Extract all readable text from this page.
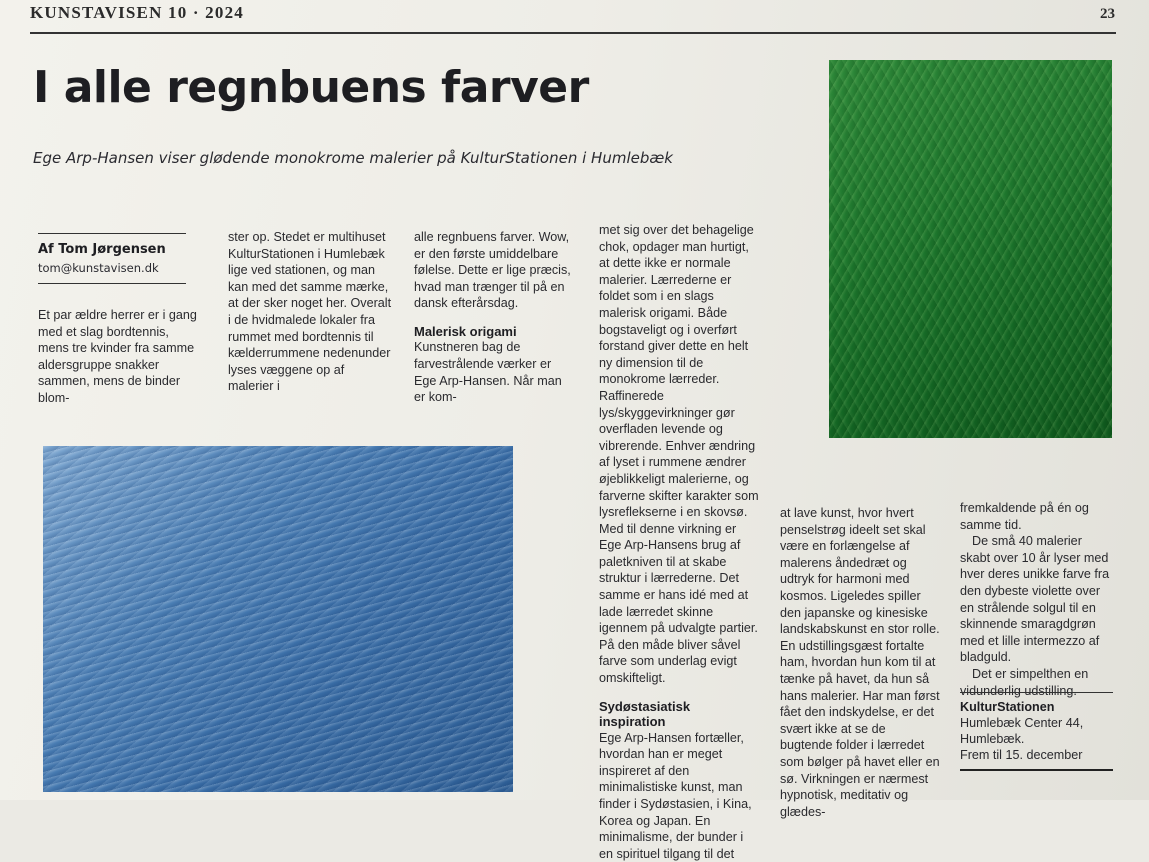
KUNSTAVISEN 10 · 2024	23
I alle regnbuens farver
Ege Arp-Hansen viser glødende monokrome malerier på KulturStationen i Humlebæk
Af Tom Jørgensen
tom@kunstavisen.dk

Et par ældre herrer er i gang med et slag bordtennis, mens tre kvinder fra samme aldersgruppe snakker sammen, mens de binder blom-

ster op. Stedet er multihuset KulturStationen i Humlebæk lige ved stationen, og man kan med det samme mærke, at der sker noget her. Overalt i de hvidmalede lokaler fra rummet med bordtennis til kælderrummene nedenunder lyses væggene op af malerier i

alle regnbuens farver. Wow, er den første umiddelbare følelse. Dette er lige præcis, hvad man trænger til på en dansk efterårsdag.

Malerisk origami

Kunstneren bag de farvestrålende værker er Ege Arp-Hansen. Når man er kom-

met sig over det behagelige chok, opdager man hurtigt, at dette ikke er normale malerier. Lærrederne er foldet som i en slags malerisk origami. Både bogstaveligt og i overført forstand giver dette en helt ny dimension til de monokrome lærreder. Raffinerede lys/skyggevirkninger gør overfladen levende og vibrerende. Enhver ændring af lyset i rummene ændrer øjeblikkeligt malerierne, og farverne skifter karakter som lysreflekserne i en skovsø. Med til denne virkning er Ege Arp-Hansens brug af paletkniven til at skabe struktur i lærrederne. Det samme er hans idé med at lade lærredet skinne igennem på udvalgte partier. På den måde bliver såvel farve som underlag evigt omskifteligt.

Sydøstasiatisk inspiration

Ege Arp-Hansen fortæller, hvordan han er meget inspireret af den minimalistiske kunst, man finder i Sydøstasien, i Kina, Korea og Japan. En minimalisme, der bunder i en spirituel tilgang til det

at lave kunst, hvor hvert penselstrøg ideelt set skal være en forlængelse af malerens åndedræt og udtryk for harmoni med kosmos. Ligeledes spiller den japanske og kinesiske landskabskunst en stor rolle. En udstillingsgæst fortalte ham, hvordan hun kom til at tænke på havet, da hun så hans malerier. Har man først fået den indskydelse, er det svært ikke at se de bugtende folder i lærredet som bølger på havet eller en sø. Virkningen er nærmest hypnotisk, meditativ og glædes-

fremkaldende på én og samme tid.

De små 40 malerier skabt over 10 år lyser med hver deres unikke farve fra den dybeste violette over en strålende solgul til en skinnende smaragdgrøn med et lille intermezzo af bladguld.

Det er simpelthen en vidunderlig udstilling.

KulturStationen
Humlebæk Center 44,
Humlebæk.
Frem til 15. december
